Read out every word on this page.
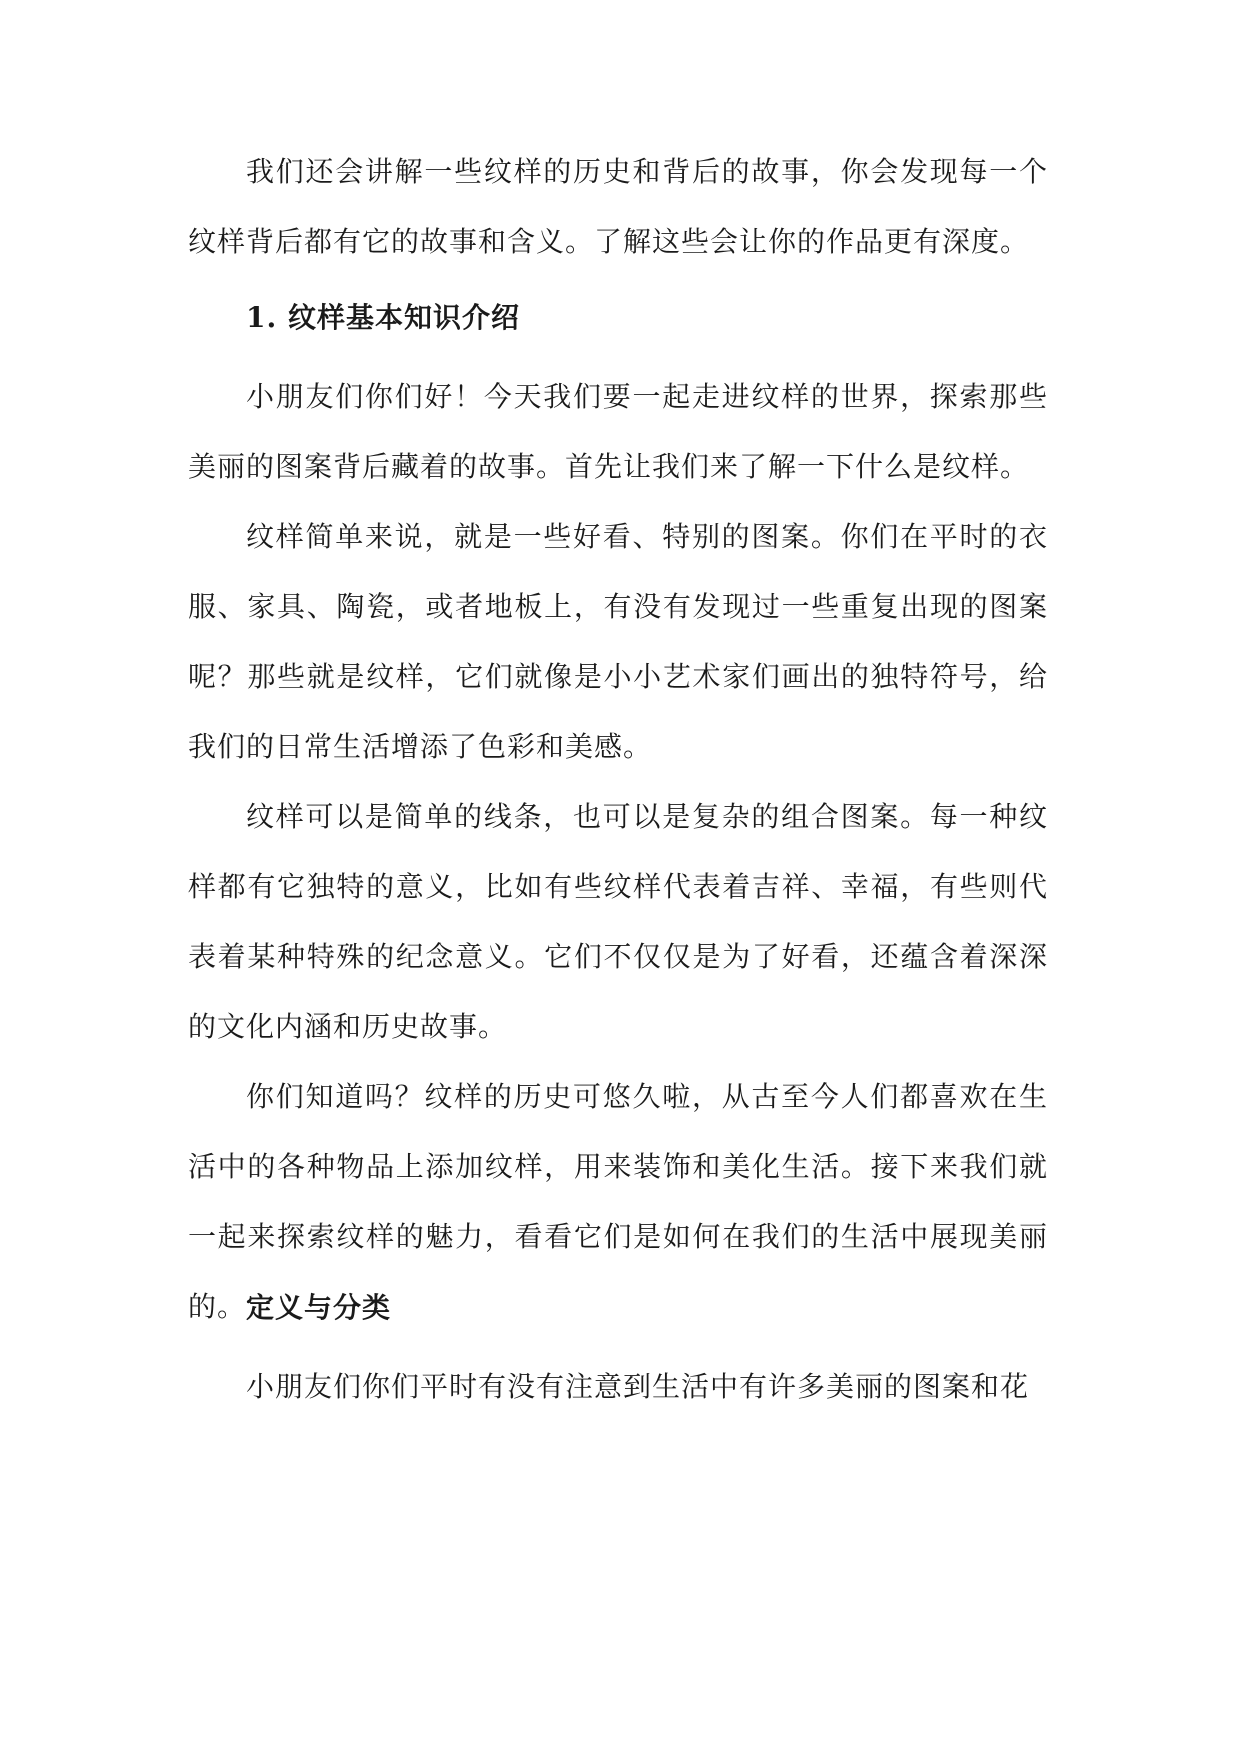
我们还会讲解一些纹样的历史和背后的故事，你会发现每一个纹样背后都有它的故事和含义。了解这些会让你的作品更有深度。

1. 纹样基本知识介绍

小朋友们你们好！今天我们要一起走进纹样的世界，探索那些美丽的图案背后藏着的故事。首先让我们来了解一下什么是纹样。

纹样简单来说，就是一些好看、特别的图案。你们在平时的衣服、家具、陶瓷，或者地板上，有没有发现过一些重复出现的图案呢？那些就是纹样，它们就像是小小艺术家们画出的独特符号，给我们的日常生活增添了色彩和美感。

纹样可以是简单的线条，也可以是复杂的组合图案。每一种纹样都有它独特的意义，比如有些纹样代表着吉祥、幸福，有些则代表着某种特殊的纪念意义。它们不仅仅是为了好看，还蕴含着深深的文化内涵和历史故事。

你们知道吗？纹样的历史可悠久啦，从古至今人们都喜欢在生活中的各种物品上添加纹样，用来装饰和美化生活。接下来我们就一起来探索纹样的魅力，看看它们是如何在我们的生活中展现美丽的。 定义与分类

小朋友们你们平时有没有注意到生活中有许多美丽的图案和花
